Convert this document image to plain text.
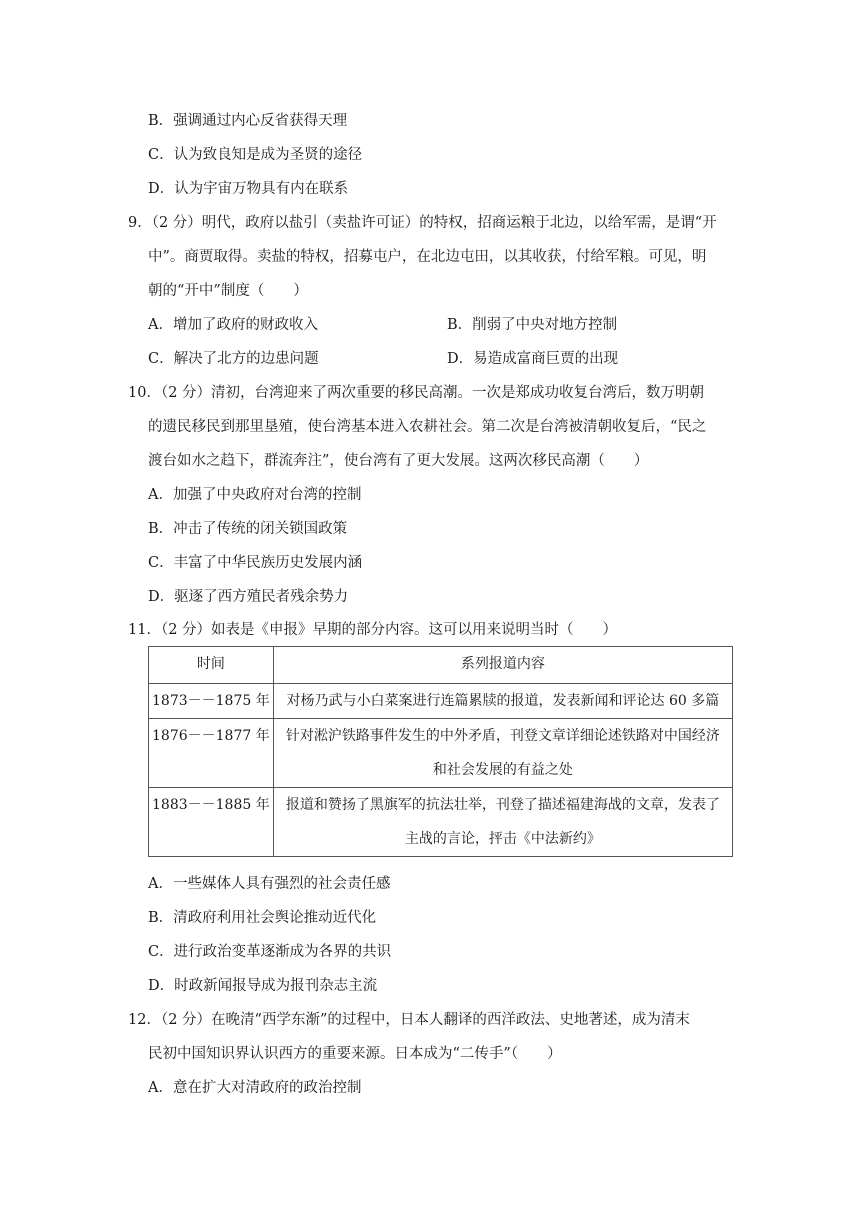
B．强调通过内心反省获得天理
C．认为致良知是成为圣贤的途径
D．认为宇宙万物具有内在联系
9．（2 分）明代，政府以盐引（卖盐许可证）的特权，招商运粮于北边，以给军需，是谓“开
中”。商贾取得。卖盐的特权，招募屯户，在北边屯田，以其收获，付给军粮。可见，明
朝的“开中”制度（　　）
A．增加了政府的财政收入	B．削弱了中央对地方控制
C．解决了北方的边患问题	D．易造成富商巨贾的出现
10．（2 分）清初，台湾迎来了两次重要的移民高潮。一次是郑成功收复台湾后，数万明朝
的遗民移民到那里垦殖，使台湾基本进入农耕社会。第二次是台湾被清朝收复后，“民之
渡台如水之趋下，群流奔注”，使台湾有了更大发展。这两次移民高潮（　　）
A．加强了中央政府对台湾的控制
B．冲击了传统的闭关锁国政策
C．丰富了中华民族历史发展内涵
D．驱逐了西方殖民者残余势力
11．（2 分）如表是《申报》早期的部分内容。这可以用来说明当时（　　）
时间	系列报道内容
1873－－1875 年	对杨乃武与小白菜案进行连篇累牍的报道，发表新闻和评论达 60 多篇

1876－－1877 年	针对淞沪铁路事件发生的中外矛盾，刊登文章详细论述铁路对中国经济
和社会发展的有益之处

1883－－1885 年	报道和赞扬了黑旗军的抗法壮举，刊登了描述福建海战的文章，发表了
主战的言论，抨击《中法新约》
A．一些媒体人具有强烈的社会责任感
B．清政府利用社会舆论推动近代化
C．进行政治变革逐渐成为各界的共识
D．时政新闻报导成为报刊杂志主流
12．（2 分）在晚清“西学东渐”的过程中，日本人翻译的西洋政法、史地著述，成为清末
民初中国知识界认识西方的重要来源。日本成为“二传手”（　　）
A．意在扩大对清政府的政治控制
